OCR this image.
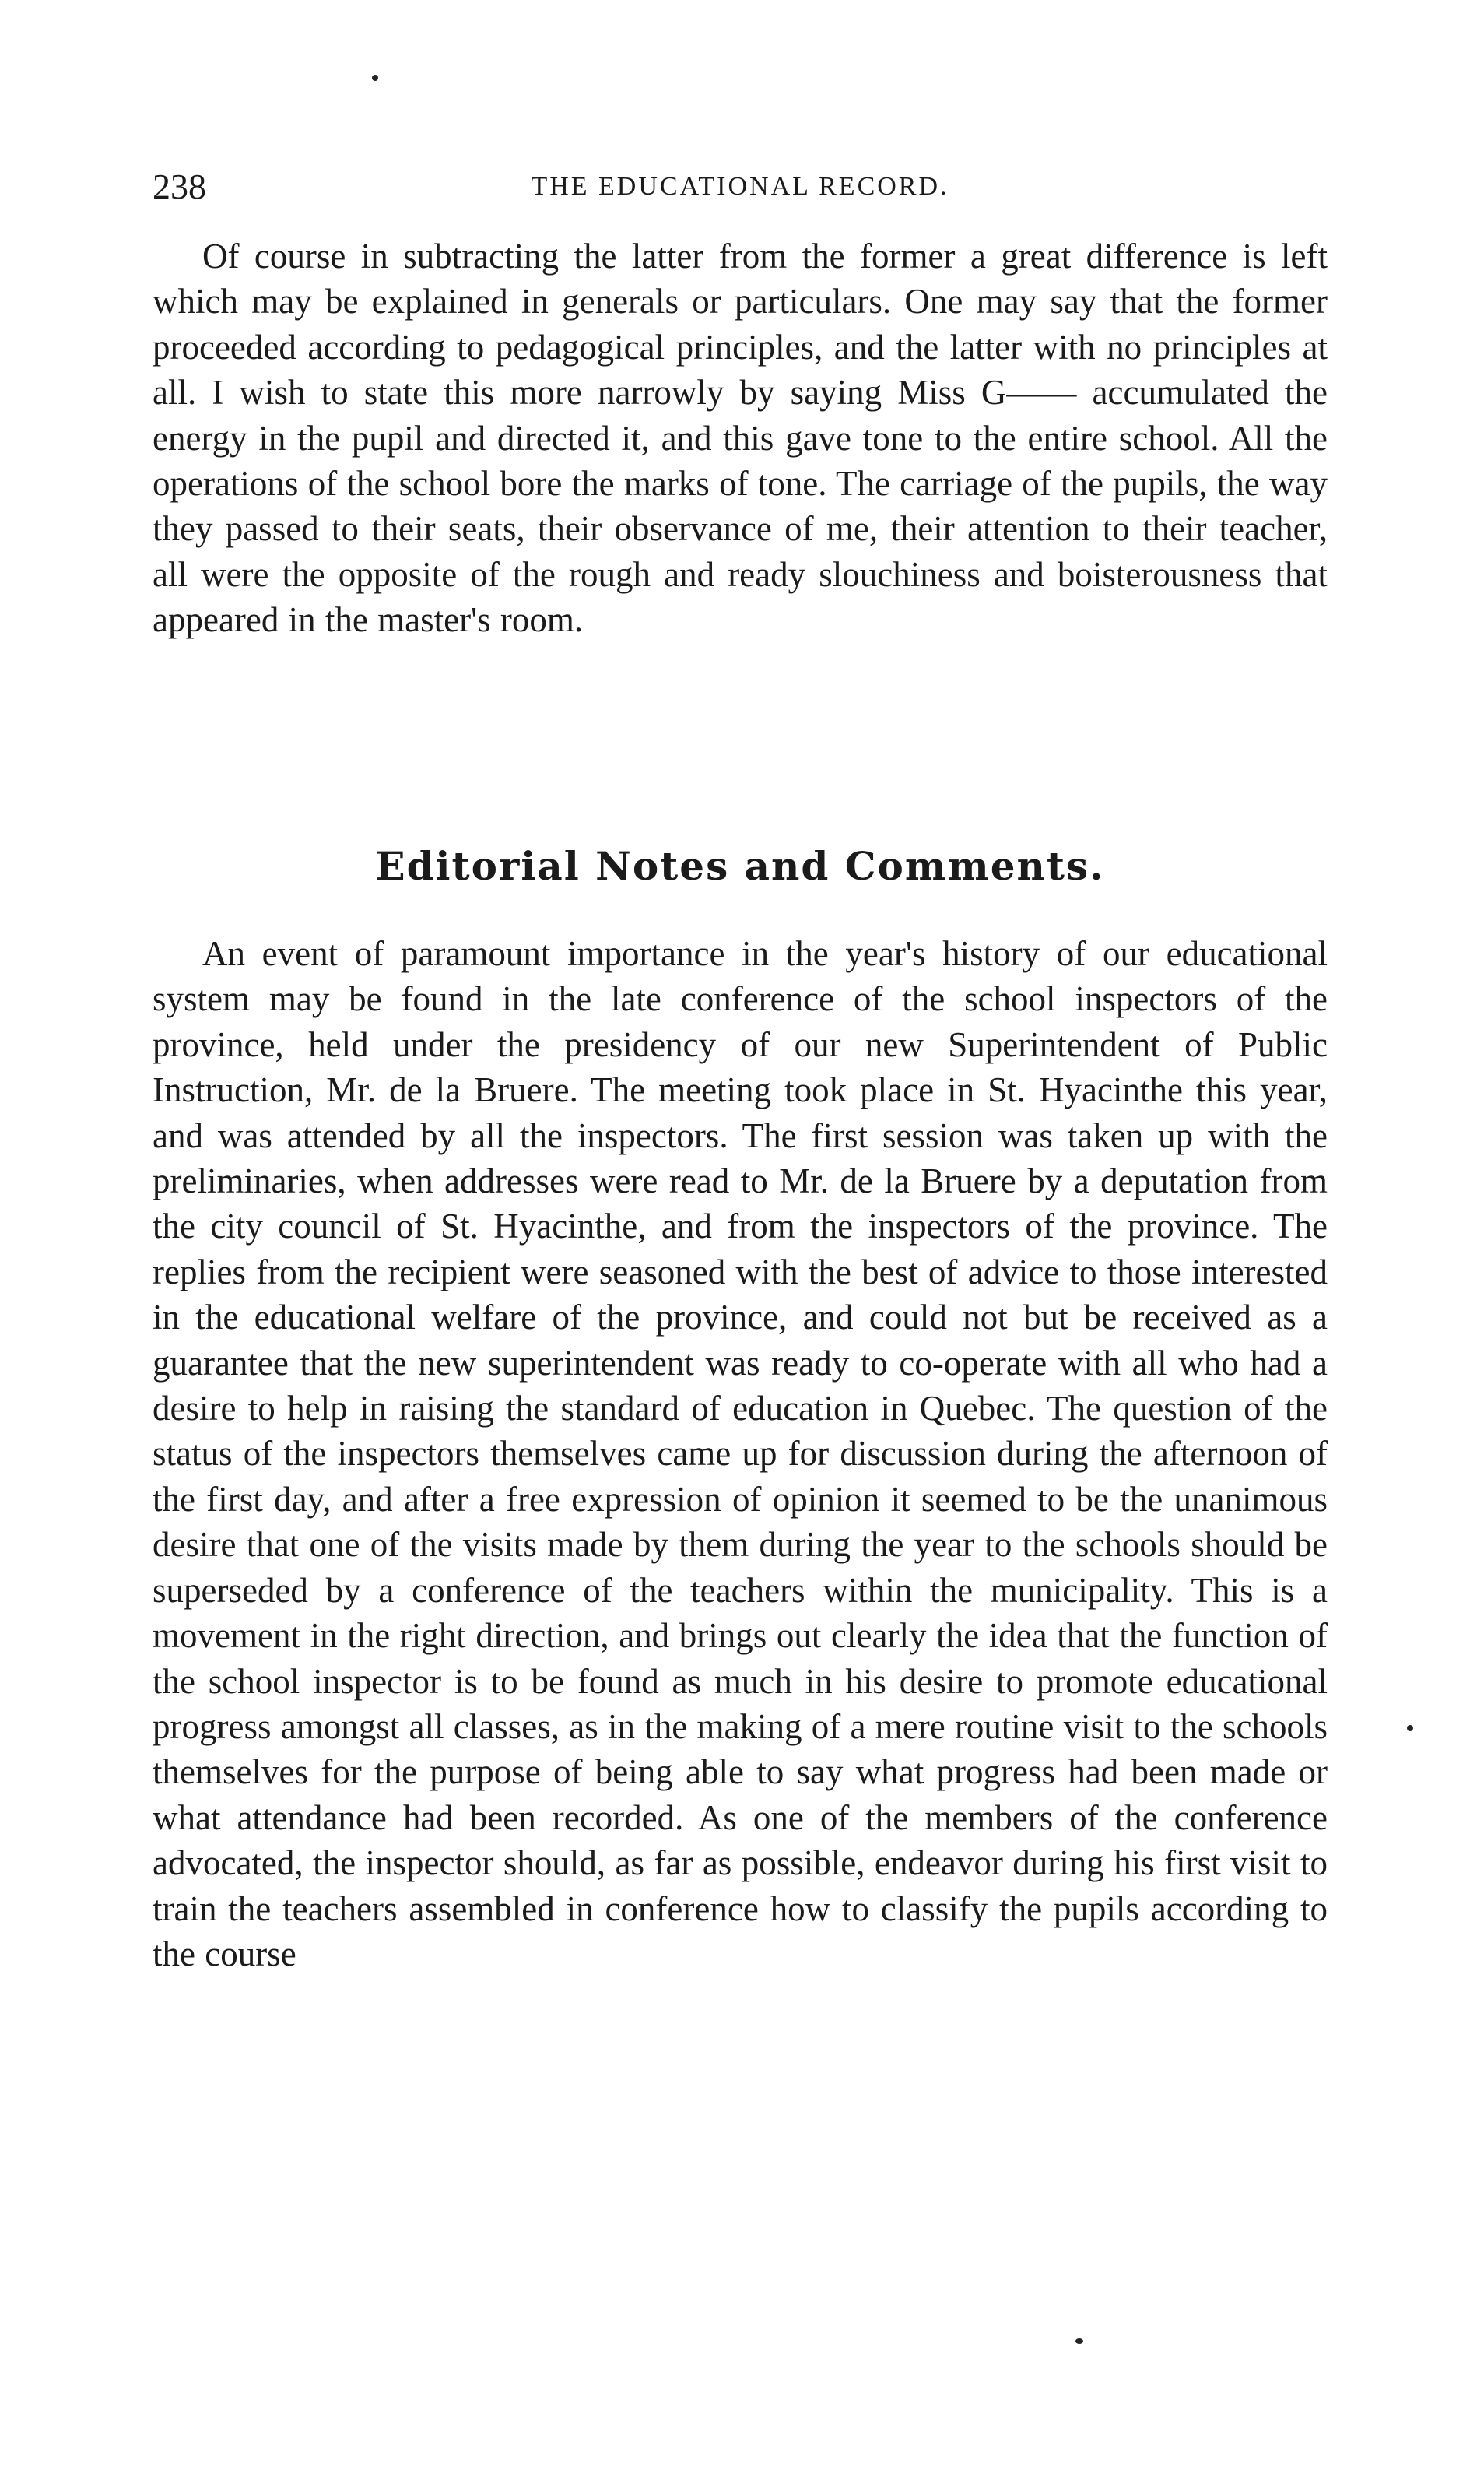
238	THE EDUCATIONAL RECORD.

Of course in subtracting the latter from the former a great difference is left which may be explained in generals or particulars. One may say that the former proceeded according to pedagogical principles, and the latter with no principles at all. I wish to state this more narrowly by saying Miss G—— accumulated the energy in the pupil and directed it, and this gave tone to the entire school. All the operations of the school bore the marks of tone. The carriage of the pupils, the way they passed to their seats, their observance of me, their attention to their teacher, all were the opposite of the rough and ready slouchiness and boisterousness that appeared in the master's room.

Editorial Notes and Comments.

An event of paramount importance in the year's history of our educational system may be found in the late conference of the school inspectors of the province, held under the presidency of our new Superintendent of Public Instruction, Mr. de la Bruere. The meeting took place in St. Hyacinthe this year, and was attended by all the inspectors. The first session was taken up with the preliminaries, when addresses were read to Mr. de la Bruere by a deputation from the city council of St. Hyacinthe, and from the inspectors of the province. The replies from the recipient were seasoned with the best of advice to those interested in the educational welfare of the province, and could not but be received as a guarantee that the new superintendent was ready to co-operate with all who had a desire to help in raising the standard of education in Quebec. The question of the status of the inspectors themselves came up for discussion during the afternoon of the first day, and after a free expression of opinion it seemed to be the unanimous desire that one of the visits made by them during the year to the schools should be superseded by a conference of the teachers within the municipality. This is a movement in the right direction, and brings out clearly the idea that the function of the school inspector is to be found as much in his desire to promote educational progress amongst all classes, as in the making of a mere routine visit to the schools themselves for the purpose of being able to say what progress had been made or what attendance had been recorded. As one of the members of the conference advocated, the inspector should, as far as possible, endeavor during his first visit to train the teachers assembled in conference how to classify the pupils according to the course
